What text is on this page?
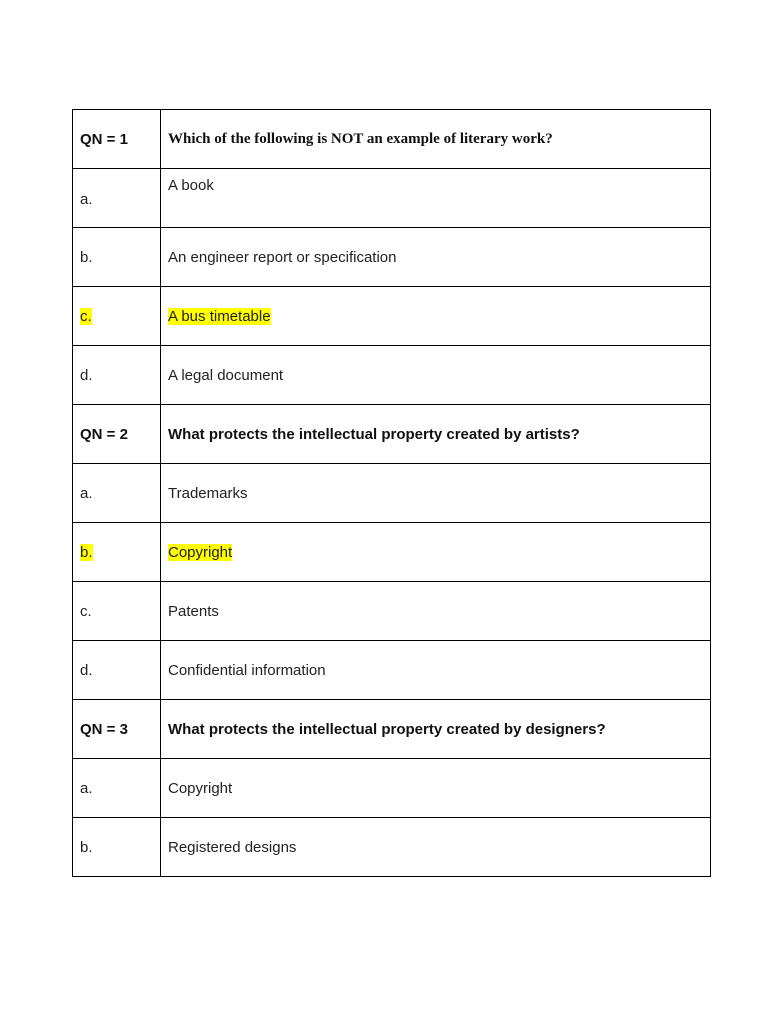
QN = 1	Which of the following is NOT an example of literary work?
a.	A book
b.	An engineer report or specification
c.	A bus timetable
d.	A legal document
QN = 2	What protects the intellectual property created by artists?
a.	Trademarks
b.	Copyright
c.	Patents
d.	Confidential information
QN = 3	What protects the intellectual property created by designers?
a.	Copyright
b.	Registered designs
